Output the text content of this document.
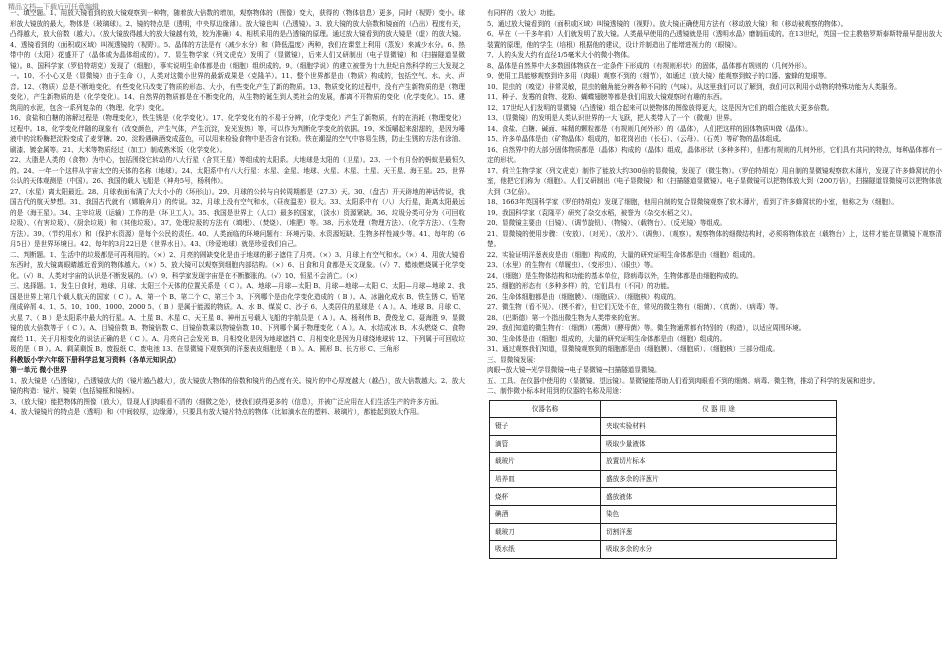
精品文档—下载后可任意编辑

一、填空题。1、用放大镜看到的放大镜观察到一种物，随着放大倍数的增加，观察物体的（图像）变大，获得的（物体信息）更多，同时（视野）变小。球形放大镜放的最大，物体是（玻璃球）。2、镜的特点是（透明，中央厚边缘薄）。放大镜也叫（凸透镜）。3、放大镜的放大倍数和镜面的（凸出）程度有关，凸得越大，放大倍数（越大）。（放大镜放得越大的放大镜越有效，较为准确）4、相机采用的是凸透镜的原理。通过放大镜看到的放大镜是（虚）的放大镜。4、透镜看到的（面积或区域）叫视透镜的（视野）。5、晶体的方法是有（减少水分）和（降低温度）两种，我们在课堂上利用（蒸发）来减少水分。6、热带中的（太阳）花盛开了（晶体或为晶体组成的）。7、显生物学家（列文虎克）发明了（显微镜），后来人们又研制出（电子显微镜）和（扫描隧道显微镜）。8、国科学家（罗伯特胡克）发现了（细胞），事实说明生命体都是由（细胞）组织成的。9、（细胞学说）的建立被誉为十九世纪自然科学的三大发现之一。10、不小心又是（显微镜）由于生命（），人类对这微小世界的最新成果是（克隆羊）。11、整个世界都是由（物质）构成的，包括空气、水、火、声音。12、（物质）总是不断地变化，有些变化只改变了物质的形态、大小，有些变化产生了新的物质。13、物质变化的过程中，没有产生新物质的是（物理变化），产生新物质的是（化学变化）。14、自然界的物质都是在不断变化的，从生物的诞生到人类社会的发展，都离不开物质的变化（化学变化）。15、建筑用的水泥，包含一系列复杂的（物理、化学）变化。

16、食盐和白糖的溶解过程是（物理变化），铁生锈是（化学变化）。17、化学变化有的不易于分辨，（化学变化）产生了新物质，有的在消耗（物理变化）过程中。18、化学变化伴随的现象有（改变颜色，产生气体，产生沉淀，发光发热）等，可以作为判断化学变化的依据。19、米饭嚼起来甜甜的，是因为唾液中的淀粉酶把淀粉变成了麦芽糖。20、淀粉遇碘酒变成蓝色，可以用来检验食物中是否含有淀粉。铁在潮湿的空气中容易生锈，防止生锈的方法有涂油、刷漆、镀金属等。21、大米等物质经过（加工）制成熟米饭（化学变化）。

22、大脂是人类的（食物）为中心，包括围绕它转动的八大行星（含冥王星）等组成的太阳系。大地球是太阳的（卫星）。23、一个有月份的蚂蚁是最恒久的。24、一年一个这样从宇宙太空的天体的名称（地球）。24、太阳系中有八大行星：水星、金星、地球、火星、木星、土星、天王星、海王星。25、世界公认的天体观测是（中国）。26、我国的载人飞船是（神舟5号，杨利伟）。

27、（水星）离太阳最近。28、月球表面布满了大大小小的（环形山）。29、月球的公转与自转周期都是（27.3）天。30、（盘古）开天辟地的神话传说，我国古代的航天梦想。31、我国古代就有（嫦娥奔月）的传说。32、月球上没有空气和水，（昼夜温差）很大。33、太阳系中有（八）大行星，距离太阳最远的是（海王星）。34、主宰垃圾（运输）工作的是（环卫工人）。35、我国是世界上（人口）最多的国家，（淡水）资源紧缺。36、垃圾分类可分为（可回收垃圾）、（有害垃圾）、（厨余垃圾）和（其他垃圾）。37、处理垃圾的方法有（填埋）、（焚烧）、（堆肥）等。38、污水处理（物理方法）、（化学方法）、（生物方法）。39、（节约用水）和（保护水资源）是每个公民的责任。40、人类面临的环境问题有：环境污染、水资源短缺、生物多样性减少等。41、每年的（6月5日）是世界环境日。42、每年的3月22日是（世界水日）。43、（珍爱地球）就是珍爱我们自己。

二、判断题。1、生活中的垃圾都是可再利用的。（×）2、月亮的圆缺变化是由于地球的影子遮住了月亮。（×）3、月球上有空气和水。（×）4、用放大镜看东西时，放大镜离眼睛越近看到的物体越大。（×）5、放大镜可以观察到细胞内部结构。（×）6、日食和月食都是天文现象。（√）7、蜡烛燃烧属于化学变化。（√）8、人类对宇宙的认识是不断发展的。（√）9、科学家发现宇宙是在不断膨胀的。（√）10、恒星不会消亡。（×）

三、选择题。1、发生日食时，地球、月球、太阳三个天体的位置关系是（ C ）。A、地球—月球—太阳 B、月球—地球—太阳 C、太阳—月球—地球 2、我国是世界上第几个载人航天的国家（ C ）。A、第一个 B、第二个 C、第三个 3、下列哪个是由化学变化造成的（ B ）。A、冰融化成水 B、铁生锈 C、铅笔削成碎屑 4、1、5、10、100、1000、2000 5、（ B ）是属于能源的物质。A、水 B、煤炭 C、沙子 6、人类居住的星球是（ A ）。A、地球 B、月球 C、火星 7、（ B ）是太阳系中最大的行星。A、土星 B、木星 C、天王星 8、神州五号载人飞船的宇航员是（ A ）。A、杨利伟 B、费俊龙 C、聂海胜 9、显微镜的放大倍数等于（ C ）。A、目镜倍数 B、物镜倍数 C、目镜倍数乘以物镜倍数 10、下列哪个属于物理变化（ A ）。A、水结成冰 B、木头燃烧 C、食物腐烂 11、关于月相变化的说法正确的是（ C ）。A、月亮自己会发光 B、月相变化是因为地球遮挡 C、月相变化是因为月球绕地球转 12、下列属于可回收垃圾的是（ B ）。A、剩菜剩饭 B、废报纸 C、废电池 13、在显微镜下观察到的洋葱表皮细胞是（ B ）。A、圆形 B、长方形 C、三角形

科教版小学六年级下册科学总复习资料（各单元知识点）

第一单元 微小世界

1、放大镜是（凸透镜），凸透镜放大的（镜片越凸越大），放大镜放大物体的倍数和镜片的凸度有关。镜片的中心厚度越大（越凸），放大倍数越大。2、放大镜的构造：镜片、镜架（包括镜框和镜柄）。

3、（放大镜）能把物体的图像（放大），显现人们肉眼看不清的（细微之处），使我们获得更多的（信息），并被广泛应用在人们生活生产的许多方面。

4、放大镜镜片的特点是（透明）和（中间较厚，边缘薄），只要具有放大镜片特点的物体（比如滴水在的塑料、玻璃片），都能起到放大作用。

有同样的（放大）功能。

5、通过放大镜看到的（面积或区域）叫镜透镜的（视野）。放大镜正确使用方法有（移动放大镜）和（移动被观察的物体）。

6、早在（一千多年前）人们就发明了放大镜。人类最早使用的凸透镜就是用（透明水晶）磨制而成的。在13世纪，英国一位主教格罗斯泰斯特最早提出放大装置的原理，他的学生（培根）根据他的建议，设计并制造出了能增进视力的（眼镜）。

7、人的头发大约有直径1/5毫米大小的微小物体。

8、晶体是自然界中大多数固体物质在一定条件下形成的（有规则形状）的固体，晶体都有规则的（几何外形）。

9、使用工具能够观察到许多用（肉眼）观察不到的（细节），如通过（放大镜）能观察到蚊子的口器、蜜蜂的复眼等。

10、昆虫的（嗅觉）非常灵敏，昆虫的触角能分辨各种不同的（气味）。从这里我们可以了解到，我们可以利用小动物的特殊功能为人类服务。

11、种子、发霉的食物、花粉、蝴蝶翅膀等都是我们用放大镜观察时有趣的东西。

12、17世纪人们发明的显微镜（凸透镜）组合起来可以使物体的图像放得更大，这是因为它们的组合能放大更多倍数。

13、（显微镜）的发明是人类认识世界的一大飞跃，把人类带入了一个（微观）世界。

14、食盐、白糖、碱面、味精的颗粒都是（有规则几何外形）的（晶体），人们把这样的固体物质叫做（晶体）。

15、许多单晶体是由（矿物晶体）组成的，如花岗岩由（长石）、（云母）、（石英）等矿物的晶体组成。

16、自然界中的大部分固体物质都是（晶体）构成的（晶体）组成，晶体形状（多种多样），但都有规则的几何外形，它们具有共同的特点，每种晶体都有一定的形状。

17、荷兰生物学家（列文虎克）制作了能放大约300倍的显微镜，发现了（微生物）。（罗伯特胡克）用自制的显微镜观察软木薄片，发现了许多蜂窝状的小室，他把它们称为（细胞）。人们又研制出（电子显微镜）和（扫描隧道显微镜）。电子显微镜可以把物体放大到（200万倍），扫描隧道显微镜可以把物体放大到（3亿倍）。

18、1663年英国科学家（罗伯特胡克）发现了细胞，他用自制的复合显微镜观察了软木薄片，看到了许多蜂窝状的小室，他称之为（细胞）。

19、我国科学家（袁隆平）研究了杂交水稻，被誉为（杂交水稻之父）。

20、显微镜主要由（目镜）、（调节旋钮）、（物镜）、（载物台）、（反光镜）等组成。

21、显微镜的使用步骤：（安放）、（对光）、（放片）、（调焦）、（观察）。观察物体的细微结构时，必须将物体放在（载物台）上，这样才能在显微镜下观察清楚。

22、实验证明洋葱表皮是由（细胞）构成的，大量的研究证明生命体都是由（细胞）组成的。

23、（水里）的生物有（草履虫）、（变形虫）、（眼虫）等。

24、（细胞）是生物体结构和功能的基本单位，除病毒以外，生物体都是由细胞构成的。

25、细胞的形态有（多种多样）的，它们具有（不同）的功能。

26、生命体细胞都是由（细胞膜）、（细胞质）、（细胞核）构成的。

27、微生物（看不见）、（摸不着），但它们无处不在，常见的微生物有（细菌）、（真菌）、（病毒）等。

28、（巴斯德）第一个指出微生物为人类带来的危害。

29、我们知道的微生物有：（细菌）（霉菌）（酵母菌）等。微生物通常都有特别的（构造），以适应周围环境。

30、生命体是由（细胞）组成的，大量的研究证明生命体都是由（细胞）组成的。

31、通过观察我们知道，显微镜观察到的细胞都是由（细胞膜）、（细胞质）、（细胞核）三部分组成。

三、显微镜发展：

肉眼→放大镜→光学显微镜→电子显微镜→扫描隧道显微镜。

五、工具、在仪器中使用的（显微镜、望远镜）。显微镜能帮助人们看到肉眼看不到的细菌、病毒、微生物，推动了科学的发展和进步。

二、制作微小标本时用到的仪器的名称及用途：

仪器名称	仪 器 用 途
镊子	夹取实验材料
滴管	吸取少量液体
载玻片	放置切片标本
培养皿	盛放多余的洋葱片
烧杯	盛放液体
碘酒	染色
载玻刀	切割洋葱
吸水纸	吸取多余的水分
